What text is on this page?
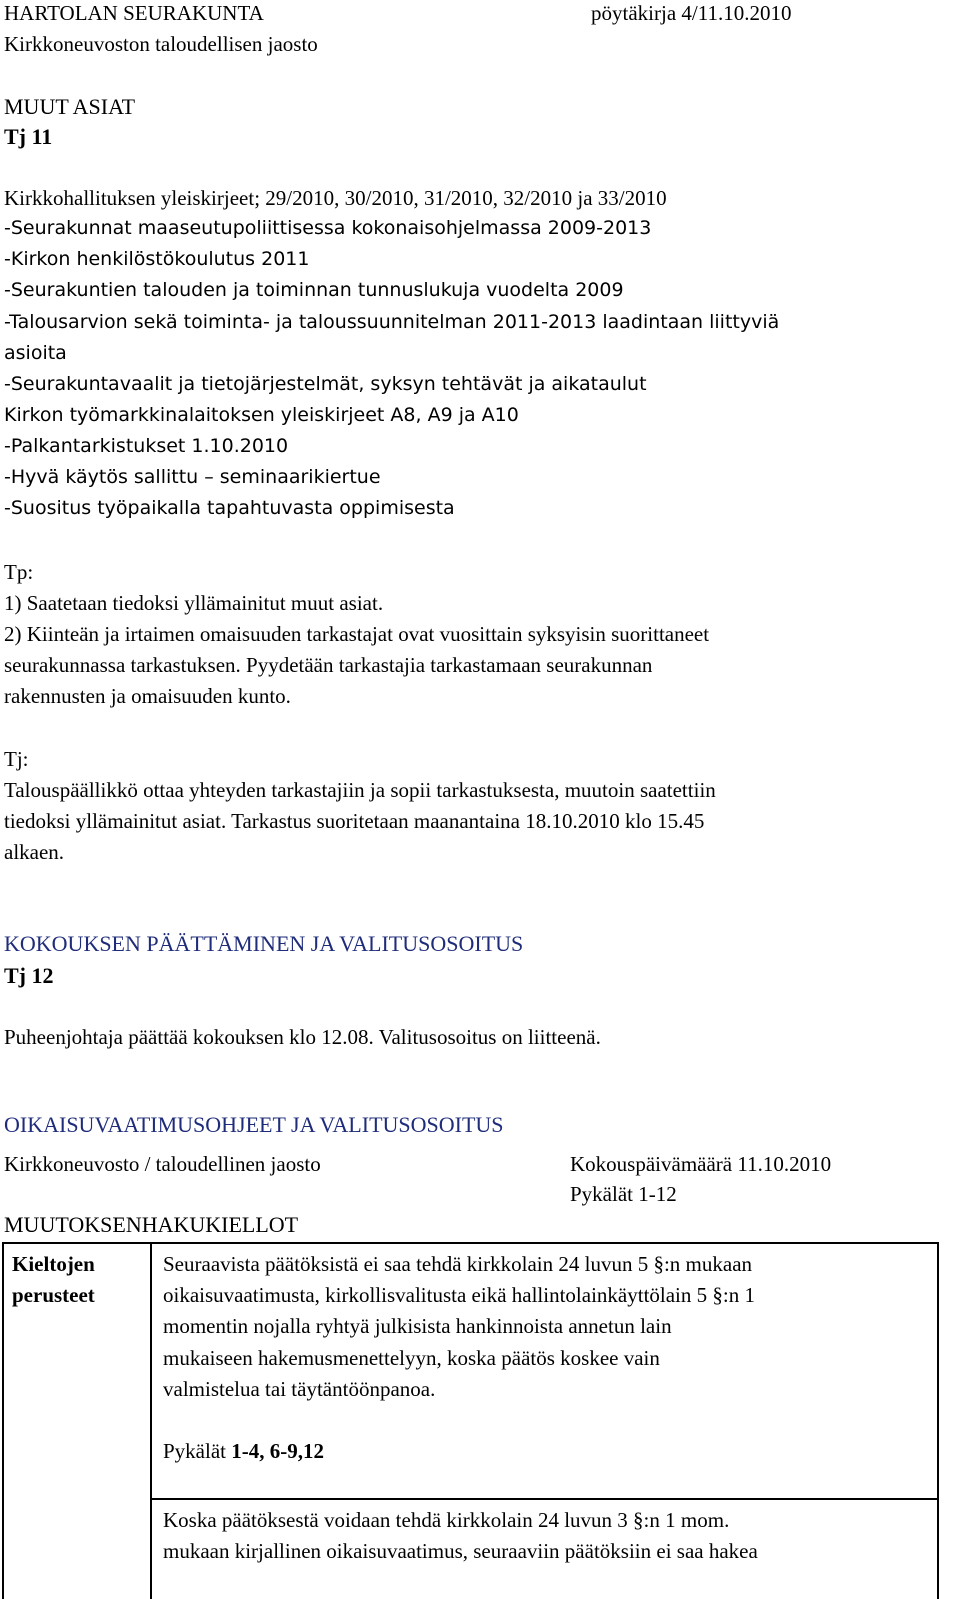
HARTOLAN SEURAKUNTA	pöytäkirja 4/11.10.2010
Kirkkoneuvoston taloudellisen jaosto
MUUT ASIAT
Tj 11
Kirkkohallituksen yleiskirjeet; 29/2010, 30/2010, 31/2010, 32/2010 ja 33/2010
-Seurakunnat maaseutupoliittisessa kokonaisohjelmassa 2009-2013
-Kirkon henkilöstökoulutus 2011
-Seurakuntien talouden ja toiminnan tunnuslukuja vuodelta 2009
-Talousarvion sekä toiminta- ja taloussuunnitelman 2011-2013 laadintaan liittyviä
asioita
-Seurakuntavaalit ja tietojärjestelmät, syksyn tehtävät ja aikataulut
Kirkon työmarkkinalaitoksen yleiskirjeet A8, A9 ja A10
-Palkantarkistukset 1.10.2010
-Hyvä käytös sallittu – seminaarikiertue
-Suositus työpaikalla tapahtuvasta oppimisesta
Tp:
1) Saatetaan tiedoksi yllämainitut muut asiat.
2) Kiinteän ja irtaimen omaisuuden tarkastajat ovat vuosittain syksyisin suorittaneet
seurakunnassa tarkastuksen. Pyydetään tarkastajia tarkastamaan seurakunnan
rakennusten ja omaisuuden kunto.
Tj:
Talouspäällikkö ottaa yhteyden tarkastajiin ja sopii tarkastuksesta, muutoin saatettiin
tiedoksi yllämainitut asiat. Tarkastus suoritetaan maanantaina 18.10.2010 klo 15.45
alkaen.
KOKOUKSEN PÄÄTTÄMINEN JA VALITUSOSOITUS
Tj 12
Puheenjohtaja päättää kokouksen klo 12.08. Valitusosoitus on liitteenä.
OIKAISUVAATIMUSOHJEET JA VALITUSOSOITUS
Kirkkoneuvosto / taloudellinen jaosto	Kokouspäivämäärä 11.10.2010
Pykälät 1-12
MUUTOKSENHAKUKIELLOT
Kieltojen
perusteet
Seuraavista päätöksistä ei saa tehdä kirkkolain 24 luvun 5 §:n mukaan
oikaisuvaatimusta, kirkollisvalitusta eikä hallintolainkäyttölain 5 §:n 1
momentin nojalla ryhtyä julkisista hankinnoista annetun lain
mukaiseen hakemusmenettelyyn, koska päätös koskee vain
valmistelua tai täytäntöönpanoa.
Pykälät 1-4, 6-9,12
Koska päätöksestä voidaan tehdä kirkkolain 24 luvun 3 §:n 1 mom.
mukaan kirjallinen oikaisuvaatimus, seuraaviin päätöksiin ei saa hakea
